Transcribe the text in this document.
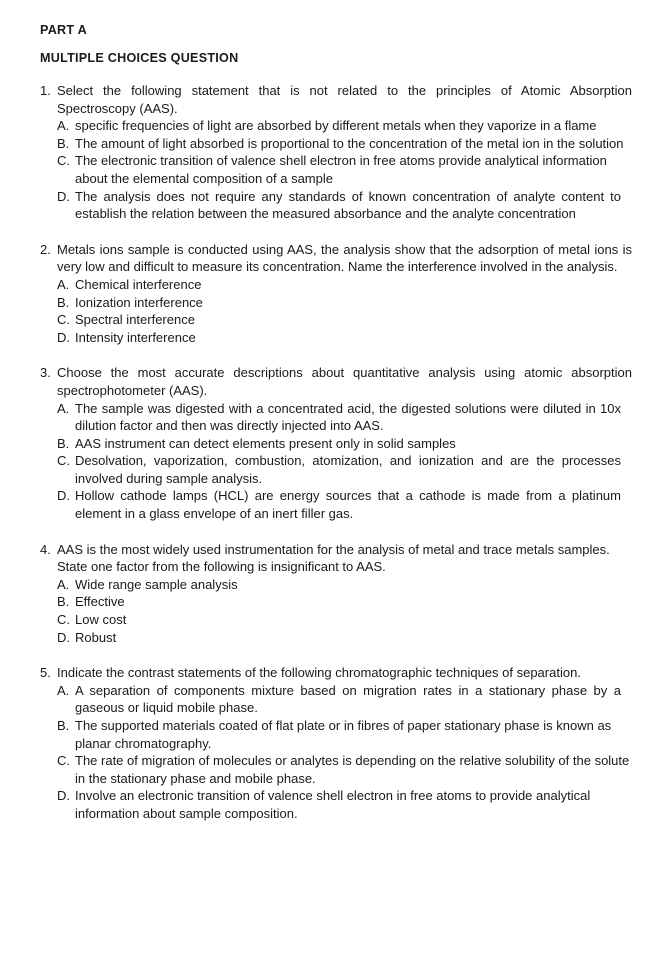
PART A
MULTIPLE CHOICES QUESTION
1. Select the following statement that is not related to the principles of Atomic Absorption Spectroscopy (AAS).
A. specific frequencies of light are absorbed by different metals when they vaporize in a flame
B. The amount of light absorbed is proportional to the concentration of the metal ion in the solution
C. The electronic transition of valence shell electron in free atoms provide analytical information about the elemental composition of a sample
D. The analysis does not require any standards of known concentration of analyte content to establish the relation between the measured absorbance and the analyte concentration
2. Metals ions sample is conducted using AAS, the analysis show that the adsorption of metal ions is very low and difficult to measure its concentration. Name the interference involved in the analysis.
A. Chemical interference
B. Ionization interference
C. Spectral interference
D. Intensity interference
3. Choose the most accurate descriptions about quantitative analysis using atomic absorption spectrophotometer (AAS).
A. The sample was digested with a concentrated acid, the digested solutions were diluted in 10x dilution factor and then was directly injected into AAS.
B. AAS instrument can detect elements present only in solid samples
C. Desolvation, vaporization, combustion, atomization, and ionization and are the processes involved during sample analysis.
D. Hollow cathode lamps (HCL) are energy sources that a cathode is made from a platinum element in a glass envelope of an inert filler gas.
4. AAS is the most widely used instrumentation for the analysis of metal and trace metals samples. State one factor from the following is insignificant to AAS.
A. Wide range sample analysis
B. Effective
C. Low cost
D. Robust
5. Indicate the contrast statements of the following chromatographic techniques of separation.
A. A separation of components mixture based on migration rates in a stationary phase by a gaseous or liquid mobile phase.
B. The supported materials coated of flat plate or in fibres of paper stationary phase is known as planar chromatography.
C. The rate of migration of molecules or analytes is depending on the relative solubility of the solute in the stationary phase and mobile phase.
D. Involve an electronic transition of valence shell electron in free atoms to provide analytical information about sample composition.
